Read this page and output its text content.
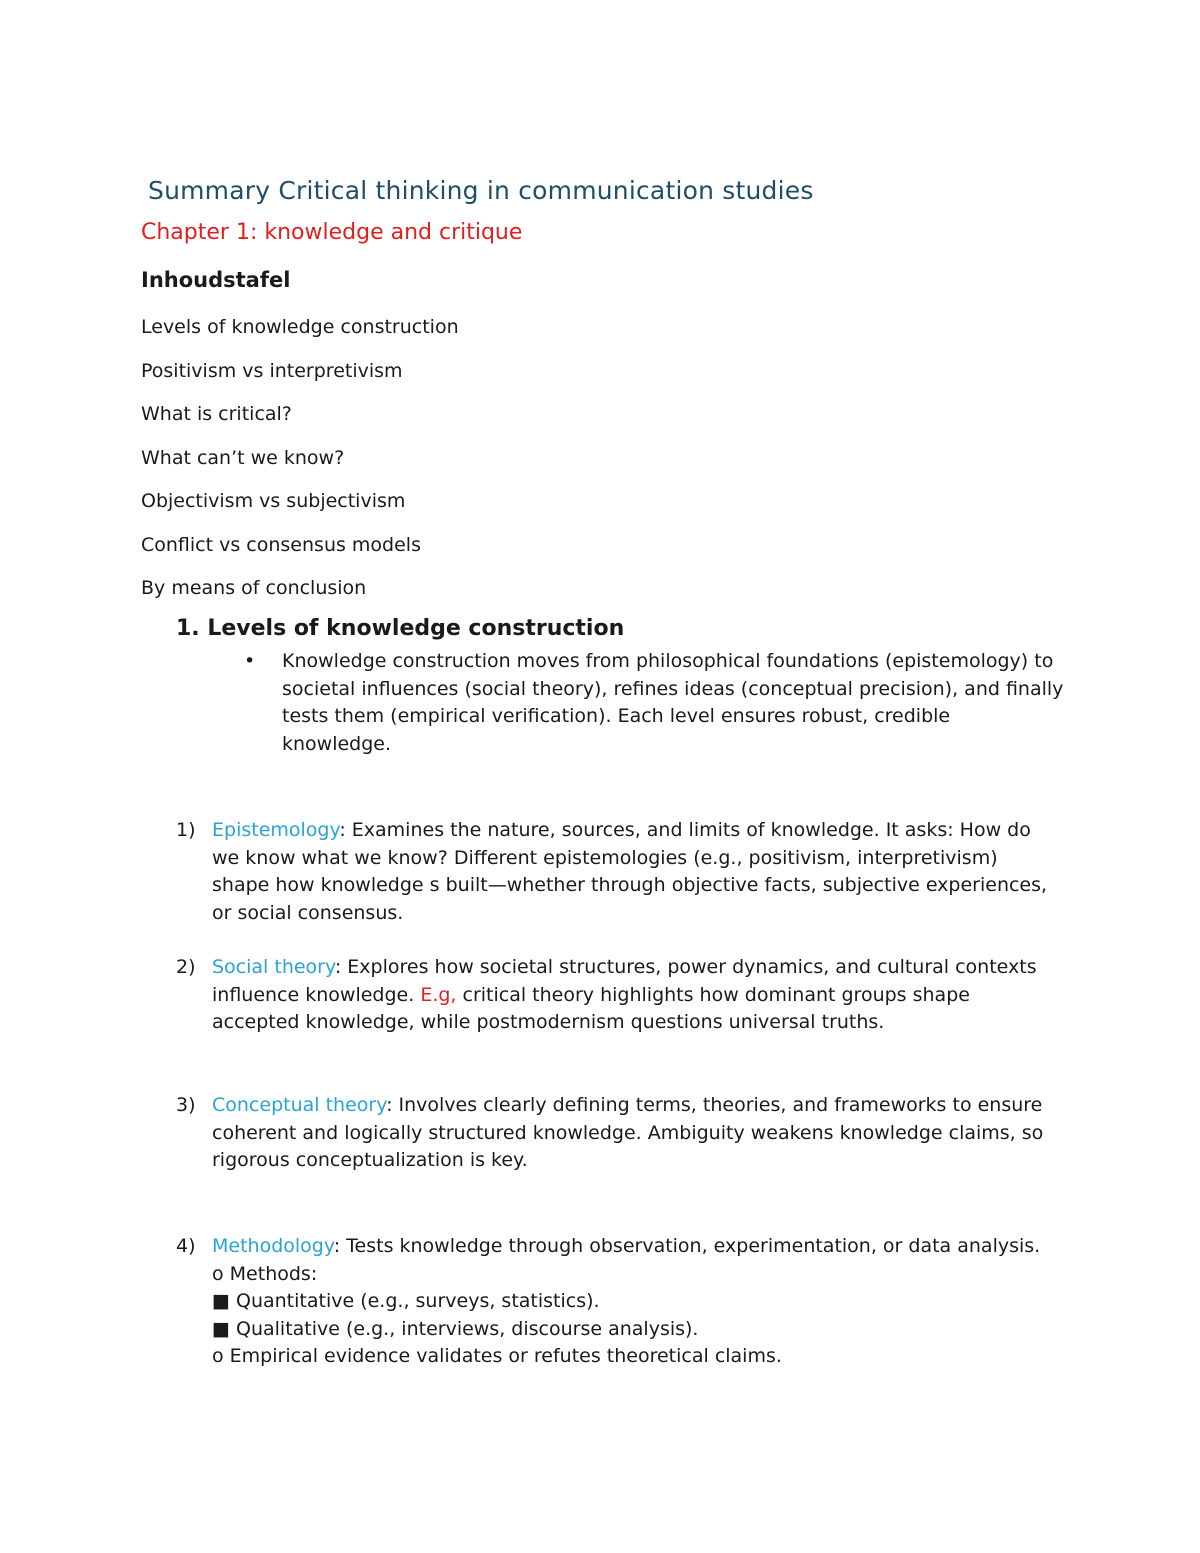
Summary Critical thinking in communication studies
Chapter 1: knowledge and critique
Inhoudstafel
Levels of knowledge construction
Positivism vs interpretivism
What is critical?
What can’t we know?
Objectivism vs subjectivism
Conflict vs consensus models
By means of conclusion
1. Levels of knowledge construction
• Knowledge construction moves from philosophical foundations (epistemology) to societal influences (social theory), refines ideas (conceptual precision), and finally tests them (empirical verification). Each level ensures robust, credible knowledge.
1) Epistemology: Examines the nature, sources, and limits of knowledge. It asks: How do we know what we know? Different epistemologies (e.g., positivism, interpretivism) shape how knowledge s built—whether through objective facts, subjective experiences, or social consensus.
2) Social theory: Explores how societal structures, power dynamics, and cultural contexts influence knowledge. E.g, critical theory highlights how dominant groups shape accepted knowledge, while postmodernism questions universal truths.
3) Conceptual theory: Involves clearly defining terms, theories, and frameworks to ensure coherent and logically structured knowledge. Ambiguity weakens knowledge claims, so rigorous conceptualization is key.
4) Methodology: Tests knowledge through observation, experimentation, or data analysis.
o Methods:
■ Quantitative (e.g., surveys, statistics).
■ Qualitative (e.g., interviews, discourse analysis).
o Empirical evidence validates or refutes theoretical claims.
